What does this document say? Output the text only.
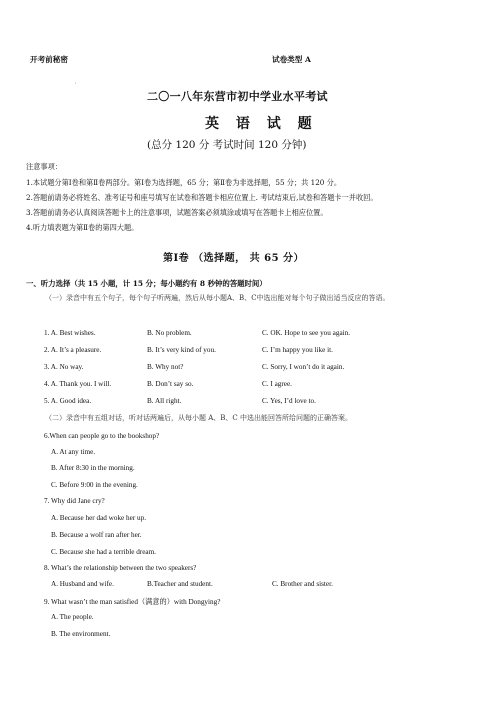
开考前秘密	试卷类型 A
'
二〇一八年东营市初中学业水平考试
英 语 试 题
(总分 120 分 考试时间 120 分钟)
注意事项：
1.本试题分第Ⅰ卷和第Ⅱ卷两部分。第Ⅰ卷为选择题，65 分；第Ⅱ卷为非选择题，55 分；共 120 分。
2.答题前请务必将姓名、准考证号和座号填写在试卷和答题卡相应位置上. 考试结束后,试卷和答题卡一并收回。
3.答题前请务必认真阅读答题卡上的注意事项，试题答案必须填涂或填写在答题卡上相应位置。
4.听力填表题为第Ⅱ卷的第四大题。
第Ⅰ卷 （选择题， 共 65 分）
一、听力选择（共 15 小题，计 15 分；每小题约有 8 秒钟的答题时间）
（一）录音中有五个句子，每个句子听两遍，然后从每小题A、B、C中选出能对每个句子做出适当反应的答语。
1. A. Best wishes.	B. No problem.	C. OK. Hope to see you again.
2. A. It’s a pleasure.	B. It’s very kind of you.	C. I’m happy you like it.
3. A. No way.	B. Why not?	C. Sorry, I won’t do it again.
4. A. Thank you. I will.	B. Don’t say so.	C. I agree.
5. A. Good idea.	B. All right.	C. Yes, I’d love to.
（二）录音中有五组对话，听对话两遍后，从每小题 A、B、C 中选出能回答所给问题的正确答案。
6.When can people go to the bookshop?
A. At any time.
B. After 8:30 in the morning.
C. Before 9:00 in the evening.
7. Why did Jane cry?
A. Because her dad woke her up.
B. Because a wolf ran after her.
C. Because she had a terrible dream.
8. What’s the relationship between the two speakers?
A. Husband and wife.	B.Teacher and student.	C. Brother and sister.
9. What wasn’t the man satisfied（满意的）with Dongying?
A. The people.
B. The environment.
